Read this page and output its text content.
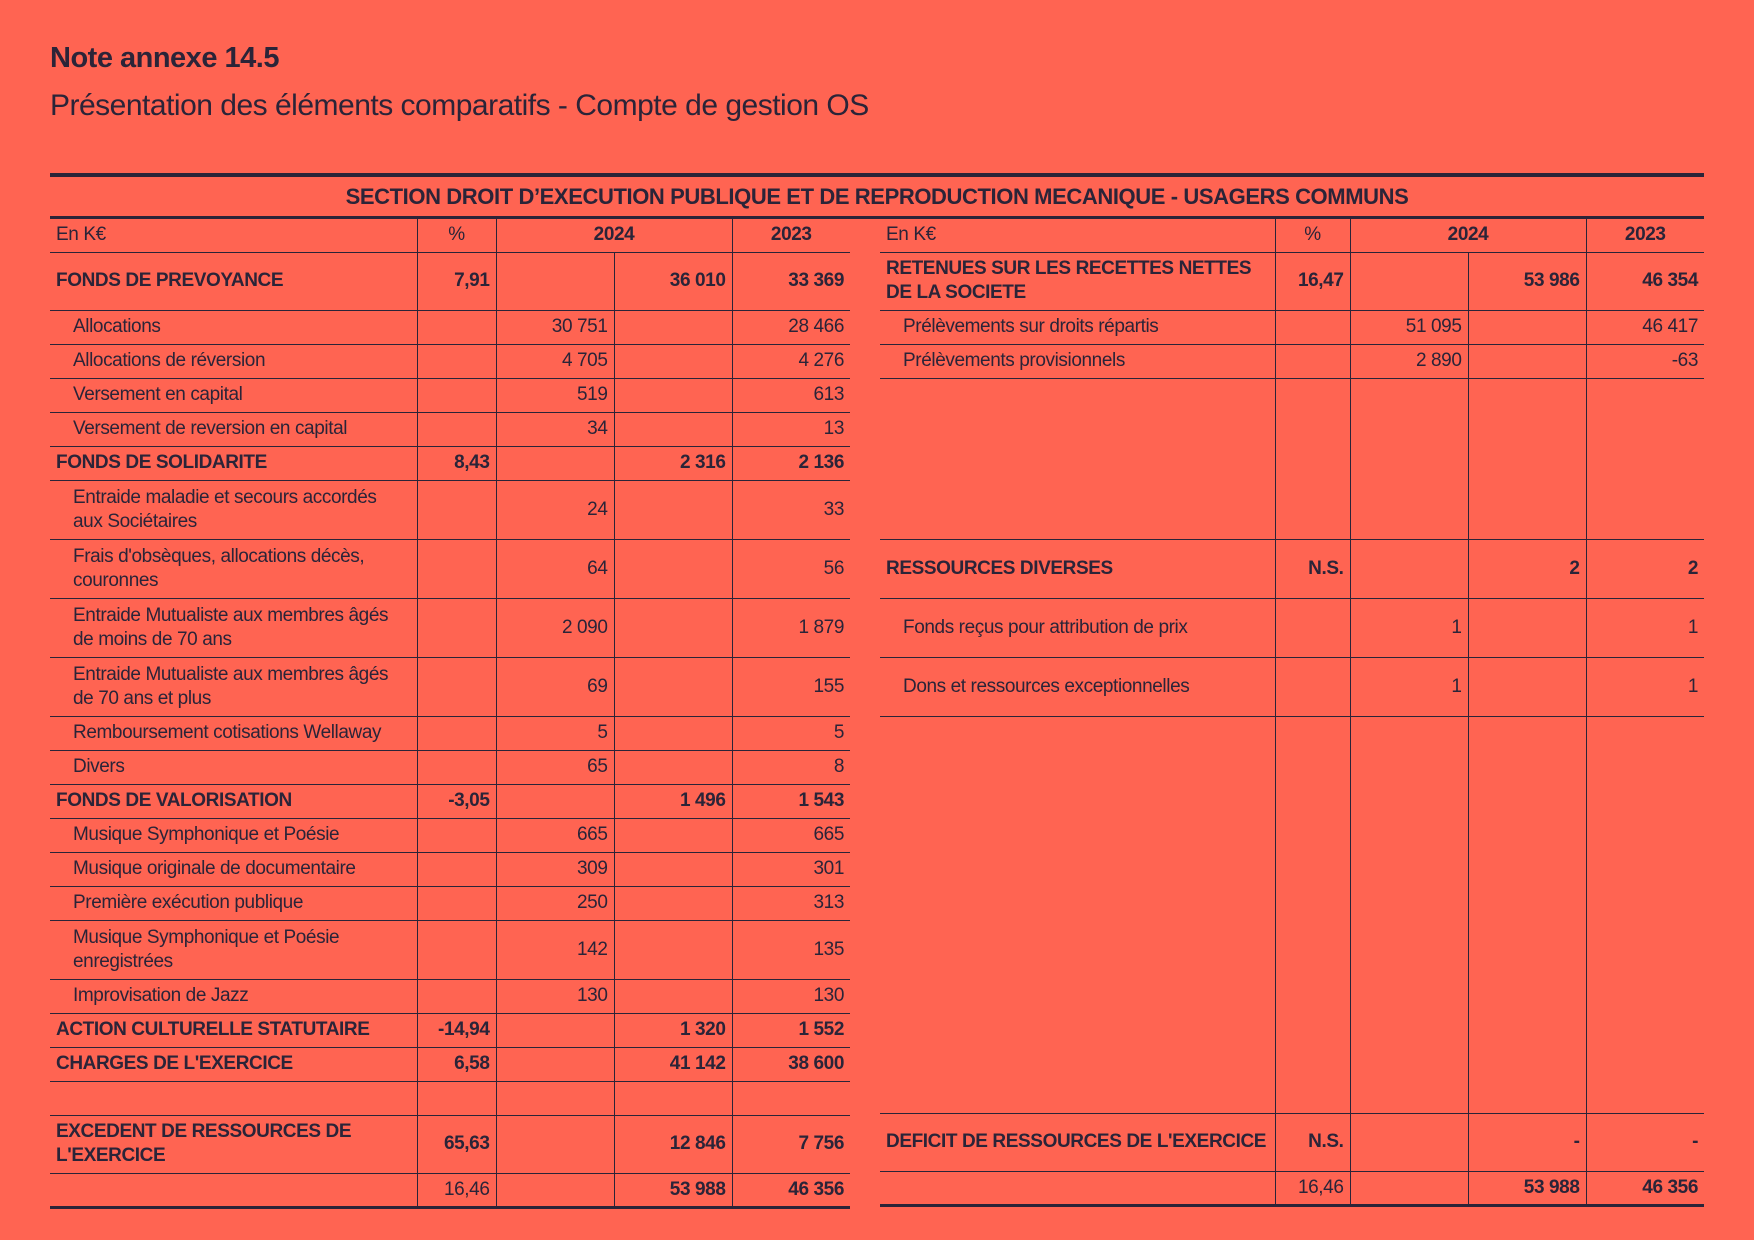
Note annexe 14.5
Présentation des éléments comparatifs - Compte de gestion OS
SECTION DROIT D’EXECUTION PUBLIQUE ET DE REPRODUCTION MECANIQUE - USAGERS COMMUNS
En K€	%	2024		2023
FONDS DE PREVOYANCE	7,91		36 010	33 369
Allocations		30 751		28 466
Allocations de réversion		4 705		4 276
Versement en capital		519		613
Versement de reversion en capital		34		13
FONDS DE SOLIDARITE	8,43		2 316	2 136
Entraide maladie et secours accordés aux Sociétaires		24		33
Frais d'obsèques, allocations décès, couronnes		64		56
Entraide Mutualiste aux membres âgés de moins de 70 ans		2 090		1 879
Entraide Mutualiste aux membres âgés de 70 ans et plus		69		155
Remboursement cotisations Wellaway		5		5
Divers		65		8
FONDS DE VALORISATION	-3,05		1 496	1 543
Musique Symphonique et Poésie		665		665
Musique originale de documentaire		309		301
Première exécution publique		250		313
Musique Symphonique et Poésie enregistrées		142		135
Improvisation de Jazz		130		130
ACTION CULTURELLE STATUTAIRE	-14,94		1 320	1 552
CHARGES DE L'EXERCICE	6,58		41 142	38 600

EXCEDENT DE RESSOURCES DE L'EXERCICE	65,63		12 846	7 756
	16,46		53 988	46 356
En K€	%	2024		2023
RETENUES SUR LES RECETTES NETTES DE LA SOCIETE	16,47		53 986	46 354
Prélèvements sur droits répartis		51 095		46 417
Prélèvements provisionnels		2 890		-63

RESSOURCES DIVERSES	N.S.		2	2
Fonds reçus pour attribution de prix		1		1
Dons et ressources exceptionnelles		1		1

DEFICIT DE RESSOURCES DE L'EXERCICE	N.S.		-	-
	16,46		53 988	46 356
